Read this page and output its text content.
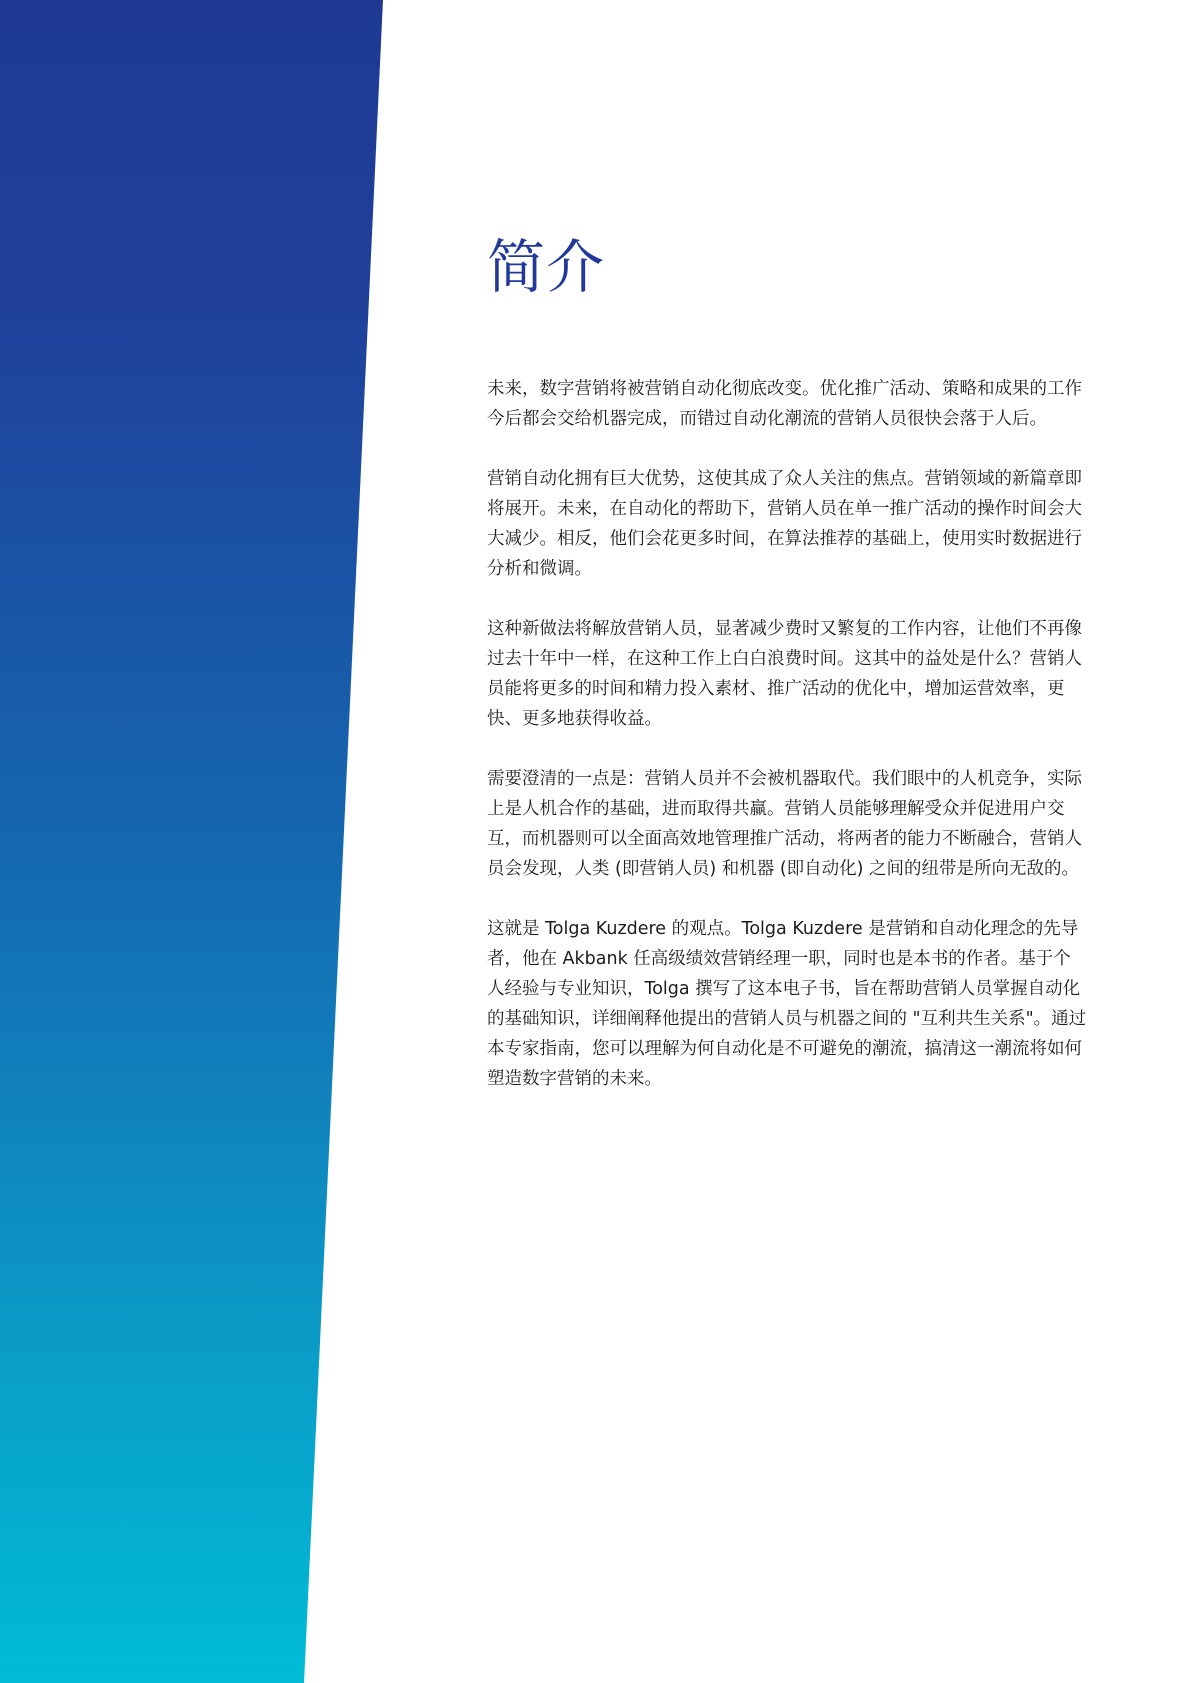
简介

未来，数字营销将被营销自动化彻底改变。优化推广活动、策略和成果的工作今后都会交给机器完成，而错过自动化潮流的营销人员很快会落于人后。

营销自动化拥有巨大优势，这使其成了众人关注的焦点。营销领域的新篇章即将展开。未来，在自动化的帮助下，营销人员在单一推广活动的操作时间会大大减少。相反，他们会花更多时间，在算法推荐的基础上，使用实时数据进行分析和微调。

这种新做法将解放营销人员，显著减少费时又繁复的工作内容，让他们不再像过去十年中一样，在这种工作上白白浪费时间。这其中的益处是什么？营销人员能将更多的时间和精力投入素材、推广活动的优化中，增加运营效率，更快、更多地获得收益。

需要澄清的一点是：营销人员并不会被机器取代。我们眼中的人机竞争，实际上是人机合作的基础，进而取得共赢。营销人员能够理解受众并促进用户交互，而机器则可以全面高效地管理推广活动，将两者的能力不断融合，营销人员会发现，人类 (即营销人员) 和机器 (即自动化) 之间的纽带是所向无敌的。

这就是 Tolga Kuzdere 的观点。Tolga Kuzdere 是营销和自动化理念的先导者，他在 Akbank 任高级绩效营销经理一职，同时也是本书的作者。基于个人经验与专业知识，Tolga 撰写了这本电子书，旨在帮助营销人员掌握自动化的基础知识，详细阐释他提出的营销人员与机器之间的 "互利共生关系"。通过本专家指南，您可以理解为何自动化是不可避免的潮流，搞清这一潮流将如何塑造数字营销的未来。
